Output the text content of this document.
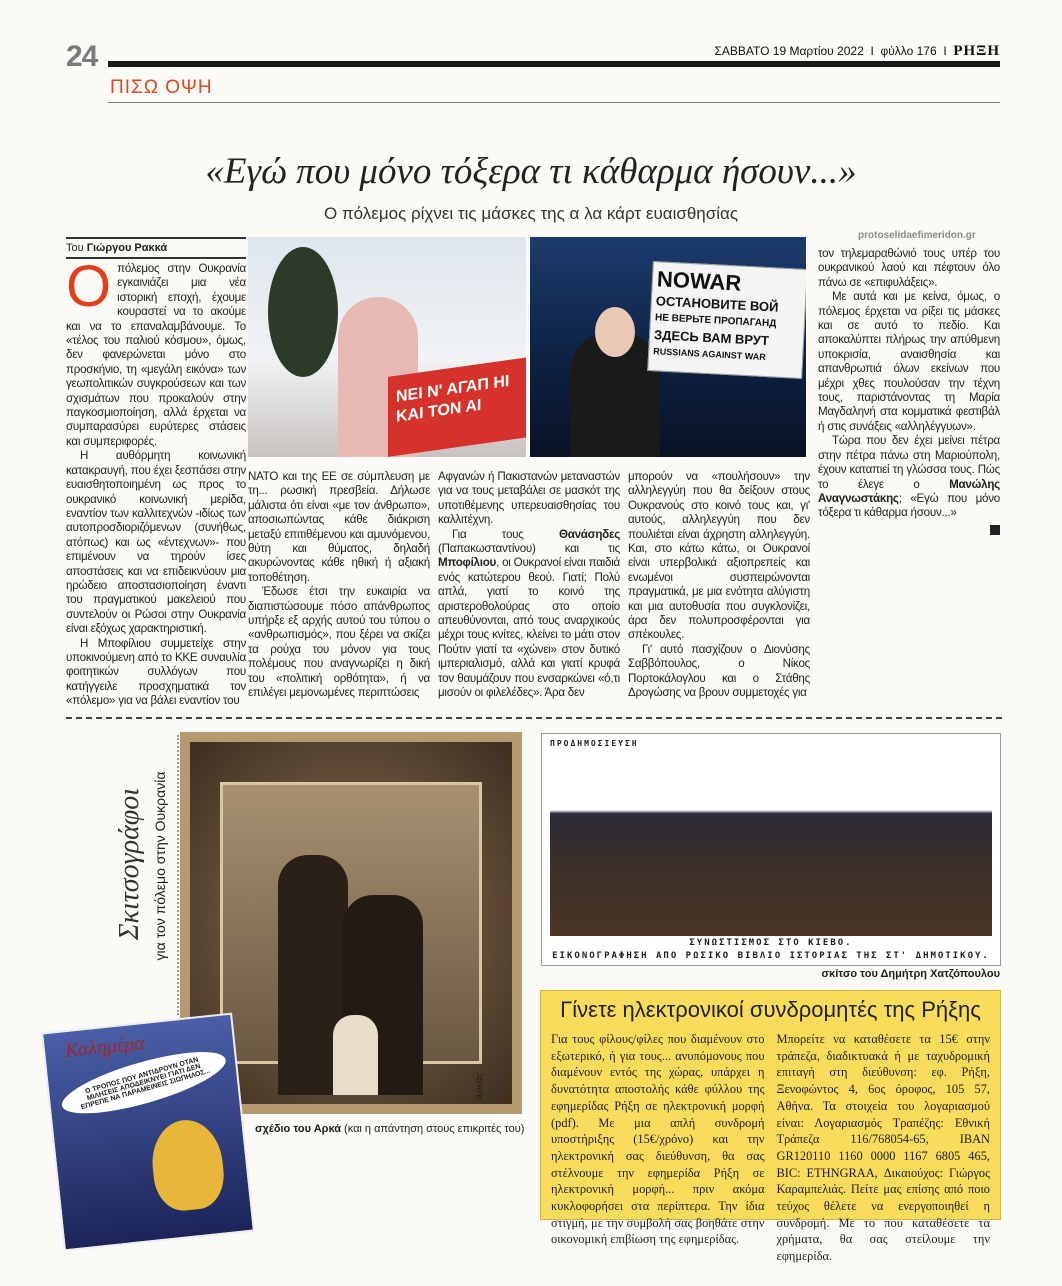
24	ΣΑΒΒΑΤΟ 19 Μαρτίου 2022 I φύλλο 176 I ΡΗΞΗ
ΠΙΣΩ ΟΨΗ
«Εγώ που μόνο τόξερα τι κάθαρμα ήσουν...»
Ο πόλεμος ρίχνει τις μάσκες της α λα κάρτ ευαισθησίας
Του Γιώργου Ρακκά

Οπόλεμος στην Ουκρανία εγκαινιάζει μια νέα ιστορική εποχή, έχουμε κουραστεί να το ακούμε και να το επαναλαμβάνουμε. Το «τέλος του παλιού κόσμου», όμως, δεν φανερώνεται μόνο στο προσκήνιο, τη «μεγάλη εικόνα» των γεωπολιτικών συγκρούσεων και των σχισμάτων που προκαλούν στην παγκοσμιοποίηση, αλλά έρχεται να συμπαρασύρει ευρύτερες στάσεις και συμπεριφορές.

Η αυθόρμητη κοινωνική κατακραυγή, που έχει ξεσπάσει στην ευαισθητοποιημένη ως προς το ουκρανικό κοινωνική μερίδα, εναντίον των καλλιτεχνών -ιδίως των αυτοπροσδιοριζόμενων (συνήθως, ατόπως) και ως «έντεχνων»- που επιμένουν να τηρούν ίσες αποστάσεις και να επιδεικνύουν μια ηρώδειο αποστασιοποίηση έναντι του πραγματικού μακελειού που συντελούν οι Ρώσοι στην Ουκρανία είναι εξόχως χαρακτηριστική.

Η Μποφίλιου συμμετείχε στην υποκινούμενη από το ΚΚΕ συναυλία φοιτητικών συλλόγων που κατήγγειλε προσχηματικά τον «πόλεμο» για να βάλει εναντίον του

ΝΑΤΟ και της ΕΕ σε σύμπλευση με τη... ρωσική πρεσβεία. Δήλωσε μάλιστα ότι είναι «με τον άνθρωπο», αποσιωπώντας κάθε διάκριση μεταξύ επιτιθέμενου και αμυνόμενου, θύτη και θύματος, δηλαδή ακυρώνοντας κάθε ηθική ή αξιακή τοποθέτηση.

Έδωσε έτσι την ευκαιρία να διαπιστώσουμε πόσο απάνθρωπος υπήρξε εξ αρχής αυτού του τύπου ο «ανθρωπισμός», που ξέρει να σκίζει τα ρούχα του μόνον για τους πολέμους που αναγνωρίζει η δική του «πολιτική ορθότητα», ή να επιλέγει μεμονωμένες περιπτώσεις

Αφγανών ή Πακιστανών μεταναστών για να τους μεταβάλει σε μασκότ της υποτιθέμενης υπερευαισθησίας του καλλιτέχνη.

Για	τους	Θανάσηδες (Παπακωσταντίνου)	και	τις Μποφίλιου, οι Ουκρανοί είναι παιδιά ενός κατώτερου θεού. Γιατί; Πολύ απλά, γιατί το κοινό της αριστεροθολούρας στο οποίο απευθύνονται, από τους αναρχικούς μέχρι τους κνίτες, κλείνει το μάτι στον Πούτιν γιατί τα «χώνει» στον δυτικό ιμπεριαλισμό, αλλά και γιατί κρυφά τον θαυμάζουν που ενσαρκώνει «ό,τι μισούν οι φιλελέδες». Άρα δεν

μπορούν να «πουλήσουν» την αλληλεγγύη που θα δείξουν στους Ουκρανούς στο κοινό τους και, γι' αυτούς, αλληλεγγύη που δεν πουλιέται είναι άχρηστη αλληλεγγύη. Και, στο κάτω κάτω, οι Ουκρανοί είναι υπερβολικά αξιοπρεπείς και ενωμένοι	συσπειρώνονται πραγματικά, με μια ενότητα αλύγιστη και μια αυτοθυσία που συγκλονίζει, άρα δεν πολυπροσφέρονται για σπέκουλες.

Γι' αυτό πασχίζουν ο Διονύσης Σαββόπουλος,	ο	Νίκος Πορτοκάλογλου και ο Στάθης Δρογώσης να βρουν συμμετοχές για

τον τηλεμαραθώνιό τους υπέρ του ουκρανικού λαού και πέφτουν όλο πάνω σε «επιφυλάξεις».

Με αυτά και με κείνα, όμως, ο πόλεμος έρχεται να ρίξει τις μάσκες και σε αυτό το πεδίο. Και αποκαλύπτει πλήρως την απύθμενη υποκρισία,	αναισθησία	και απανθρωπιά όλων εκείνων που μέχρι χθες πουλούσαν την τέχνη τους, παριστάνοντας τη Μαρία Μαγδαληνή στα κομματικά φεστιβάλ ή στις συνάξεις «αλληλέγγυων».

Τώρα που δεν έχει μείνει πέτρα στην πέτρα πάνω στη Μαριούπολη, έχουν καταπιεί τη γλώσσα τους. Πώς το	έλεγε	ο	Μανώλης Αναγνωστάκης; «Εγώ που μόνο τόξερα τι κάθαρμα ήσουν...»

ΝΕΙ Ν' ΑΓΑΠ ΗΙ ΚΑΙ ΤΟΝ ΑΙ
NOWAR
ОСТАНОВИТЕ ВОЙ
НЕ ВЕРЬТЕ ПРОПАГАНД
ЗДЕСЬ ВАМ ВРУТ
RUSSIANS AGAINST WAR
protoselidaefimeridon.gr
Σκιτσογράφοι για τον πόλεμο στην Ουκρανία
Αρκάς
σχέδιο του Αρκά (και η απάντηση στους επικριτές του)
Καλημέρα
Ο ΤΡΟΠΟΣ ΠΟΥ ΑΝΤΙΔΡΟΥΝ ΟΤΑΝ ΜΙΛΗΣΕΙΣ ΑΠΟΔΕΙΚΝΥΕΙ ΓΙΑΤΙ ΔΕΝ ΕΠΡΕΠΕ ΝΑ ΠΑΡΑΜΕΙΝΕΙΣ ΣΙΩΠΗΛΟΣ...
ΠΡΟΔΗΜΟΣΙΕΥΣΗ
ΣΥΝΩΣΤΙΣΜΟΣ ΣΤΟ ΚΙΕΒΟ.
ΕΙΚΟΝΟΓΡΑΦΗΣΗ ΑΠΟ ΡΩΣΙΚΟ ΒΙΒΛΙΟ ΙΣΤΟΡΙΑΣ ΤΗΣ ΣΤ' ΔΗΜΟΤΙΚΟΥ.
σκίτσο του Δημήτρη Χατζόπουλου
Γίνετε ηλεκτρονικοί συνδρομητές της Ρήξης
Για τους φίλους/φίλες που διαμένουν στο εξωτερικό, ή για τους... ανυπόμονους που διαμένουν εντός της χώρας, υπάρχει η δυνατότητα αποστολής κάθε φύλλου της εφημερίδας Ρήξη σε ηλεκτρονική μορφή (pdf). Με μια απλή συνδρομή υποστήριξης (15€/χρόνο) και την ηλεκτρονική σας διεύθυνση, θα σας στέλνουμε την εφημερίδα Ρήξη σε ηλεκτρονική μορφή... πριν ακόμα κυκλοφορήσει στα περίπτερα. Την ίδια στιγμή, με την συμβολή σας βοηθάτε στην οικονομική επιβίωση της εφημερίδας.
Μπορείτε να καταθέσετε τα 15€ στην τράπεζα, διαδικτυακά ή με ταχυδρομική επιταγή στη διεύθυνση: εφ. Ρήξη, Ξενοφώντος 4, 6ος όροφος, 105 57, Αθήνα. Τα στοιχεία του λογαριασμού είναι: Λογαριασμός Τραπέζης: Εθνική Τράπεζα 116/768054-65, IBAN GR120110 1160 0000 1167 6805 465, BIC: ETHNGRAA, Δικαιούχος: Γιώργος Καραμπελιάς. Πείτε μας επίσης από ποιο τεύχος θέλετε να ενεργοποιηθεί η συνδρομή. Με το που καταθέσετε τα χρήματα, θα σας στείλουμε την εφημερίδα.
